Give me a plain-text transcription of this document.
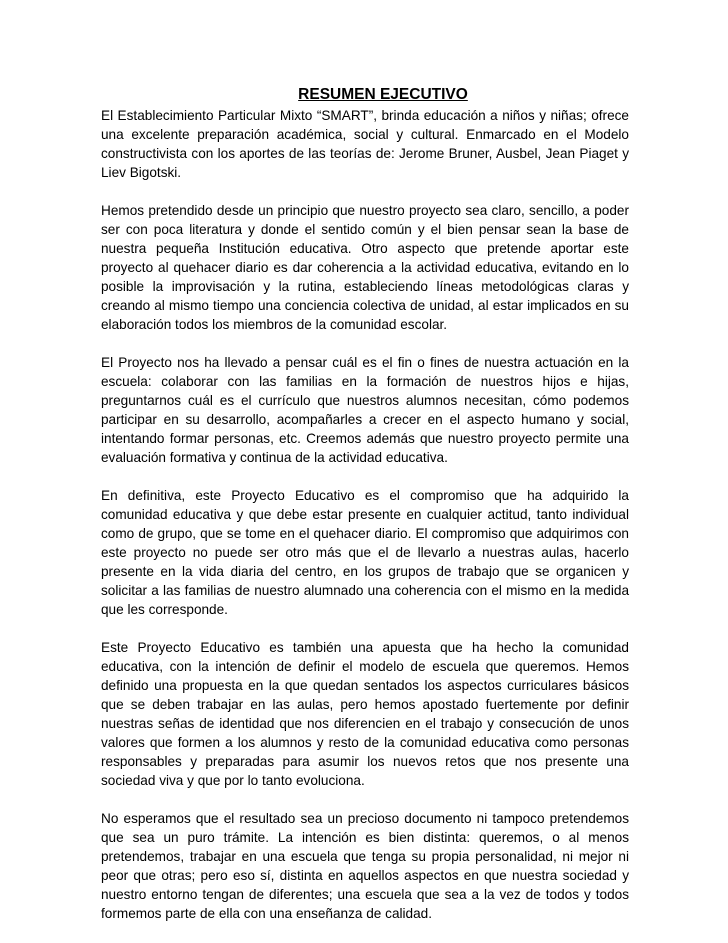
RESUMEN EJECUTIVO

El Establecimiento Particular Mixto “SMART”, brinda educación a niños y niñas; ofrece una excelente preparación académica, social y cultural. Enmarcado en el Modelo constructivista con los aportes de las teorías de: Jerome Bruner, Ausbel, Jean Piaget y Liev Bigotski.

Hemos pretendido desde un principio que nuestro proyecto sea claro, sencillo, a poder ser con poca literatura y donde el sentido común y el bien pensar sean la base de nuestra pequeña Institución educativa. Otro aspecto que pretende aportar este proyecto al quehacer diario es dar coherencia a la actividad educativa, evitando en lo posible la improvisación y la rutina, estableciendo líneas metodológicas claras y creando al mismo tiempo una conciencia colectiva de unidad, al estar implicados en su elaboración todos los miembros de la comunidad escolar.

El Proyecto nos ha llevado a pensar cuál es el fin o fines de nuestra actuación en la escuela: colaborar con las familias en la formación de nuestros hijos e hijas, preguntarnos cuál es el currículo que nuestros alumnos necesitan, cómo podemos participar en su desarrollo, acompañarles a crecer en el aspecto humano y social, intentando formar personas, etc. Creemos además que nuestro proyecto permite una evaluación formativa y continua de la actividad educativa.

En definitiva, este Proyecto Educativo es el compromiso que ha adquirido la comunidad educativa y que debe estar presente en cualquier actitud, tanto individual como de grupo, que se tome en el quehacer diario. El compromiso que adquirimos con este proyecto no puede ser otro más que el de llevarlo a nuestras aulas, hacerlo presente en la vida diaria del centro, en los grupos de trabajo que se organicen y solicitar a las familias de nuestro alumnado una coherencia con el mismo en la medida que les corresponde.

Este Proyecto Educativo es también una apuesta que ha hecho la comunidad educativa, con la intención de definir el modelo de escuela que queremos. Hemos definido una propuesta en la que quedan sentados los aspectos curriculares básicos que se deben trabajar en las aulas, pero hemos apostado fuertemente por definir nuestras señas de identidad que nos diferencien en el trabajo y consecución de unos valores que formen a los alumnos y resto de la comunidad educativa como personas responsables y preparadas para asumir los nuevos retos que nos presente una sociedad viva y que por lo tanto evoluciona.

No esperamos que el resultado sea un precioso documento ni tampoco pretendemos que sea un puro trámite. La intención es bien distinta: queremos, o al menos pretendemos, trabajar en una escuela que tenga su propia personalidad, ni mejor ni peor que otras; pero eso sí, distinta en aquellos aspectos en que nuestra sociedad y nuestro entorno tengan de diferentes; una escuela que sea a la vez de todos y todos formemos parte de ella con una enseñanza de calidad.
